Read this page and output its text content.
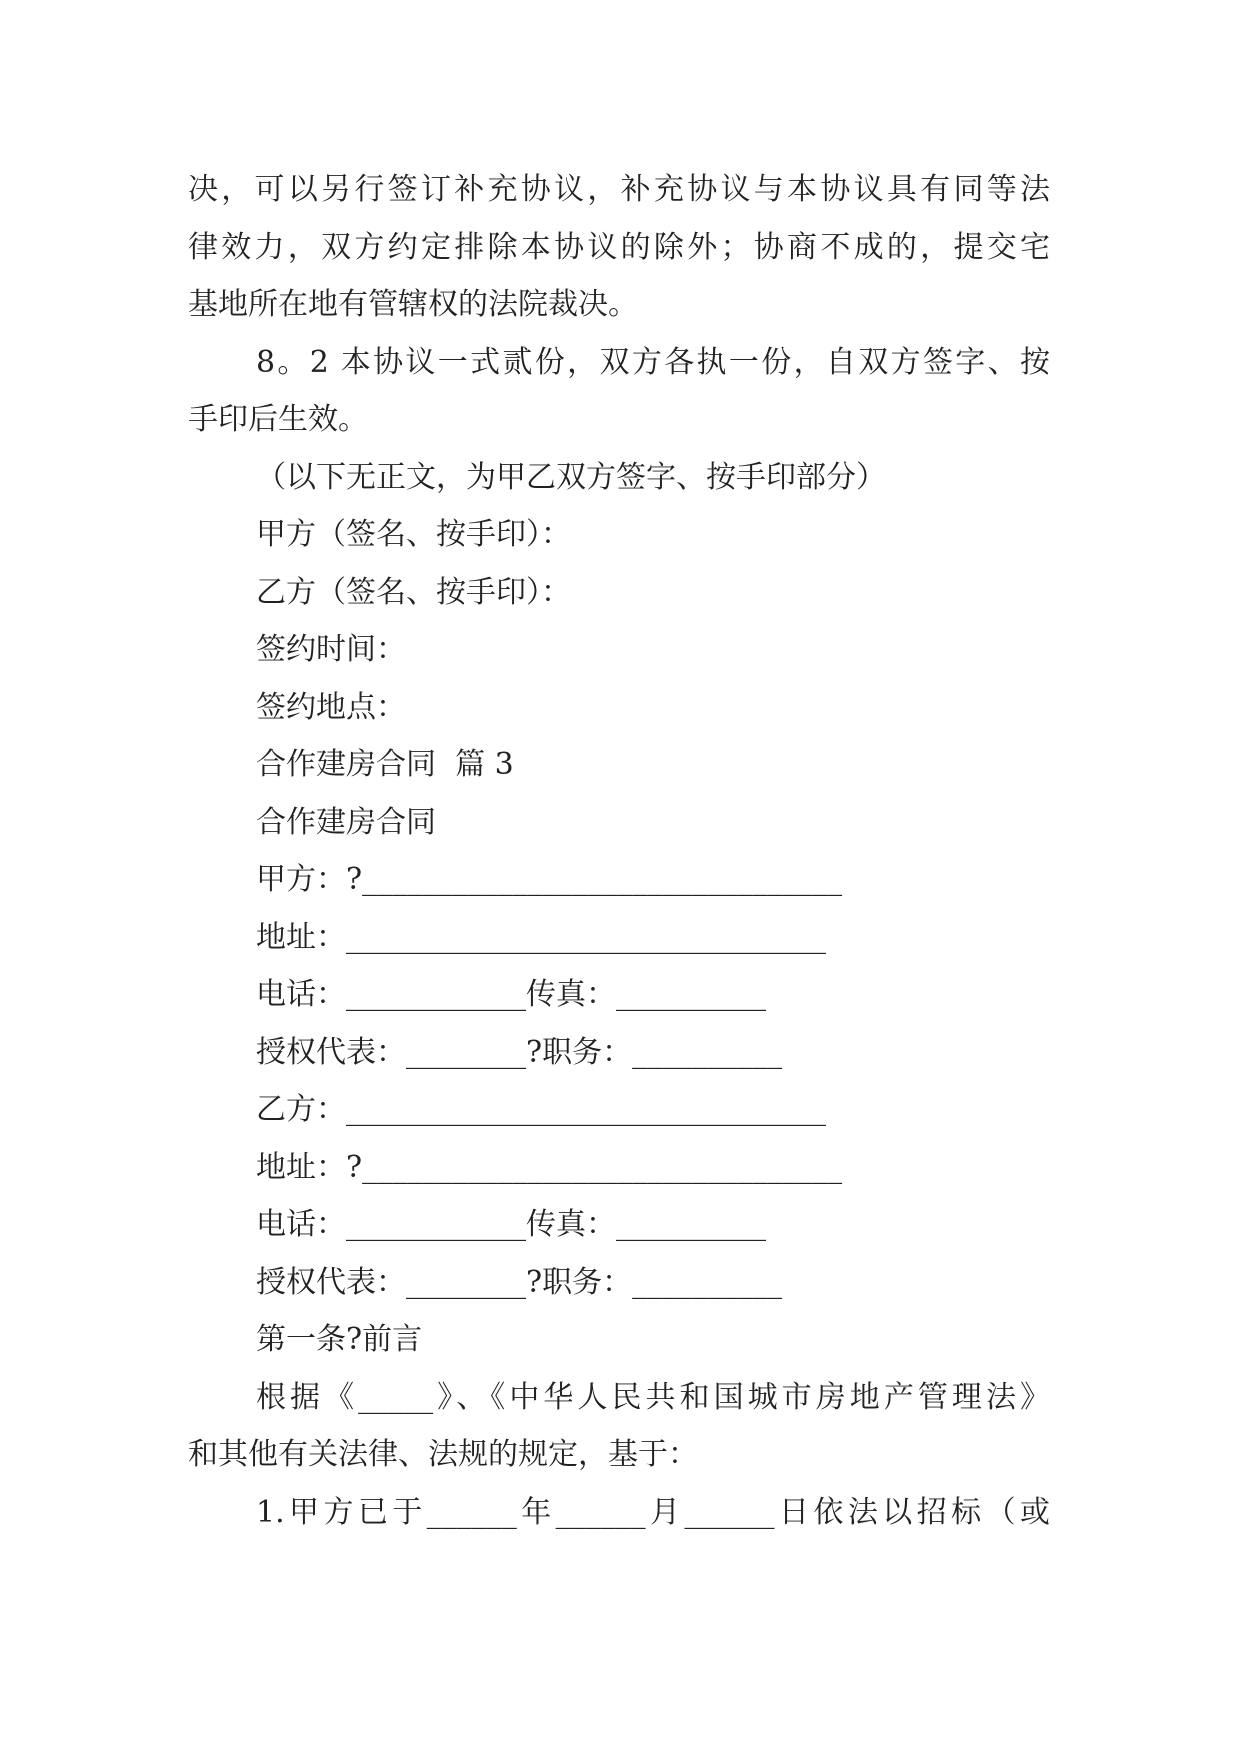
决，可以另行签订补充协议，补充协议与本协议具有同等法
律效力，双方约定排除本协议的除外；协商不成的，提交宅
基地所在地有管辖权的法院裁决。
8。2 本协议一式贰份，双方各执一份，自双方签字、按
手印后生效。
（以下无正文，为甲乙双方签字、按手印部分）
甲方（签名、按手印）：
乙方（签名、按手印）：
签约时间：
签约地点：
合作建房合同  篇 3
合作建房合同
甲方：?________________________________
地址：________________________________
电话：____________传真：__________
授权代表：________?职务：__________
乙方：________________________________
地址：?________________________________
电话：____________传真：__________
授权代表：________?职务：__________
第一条?前言
根据《_____》、《中华人民共和国城市房地产管理法》
和其他有关法律、法规的规定，基于：
1.甲方已于______年______月______日依法以招标（或
